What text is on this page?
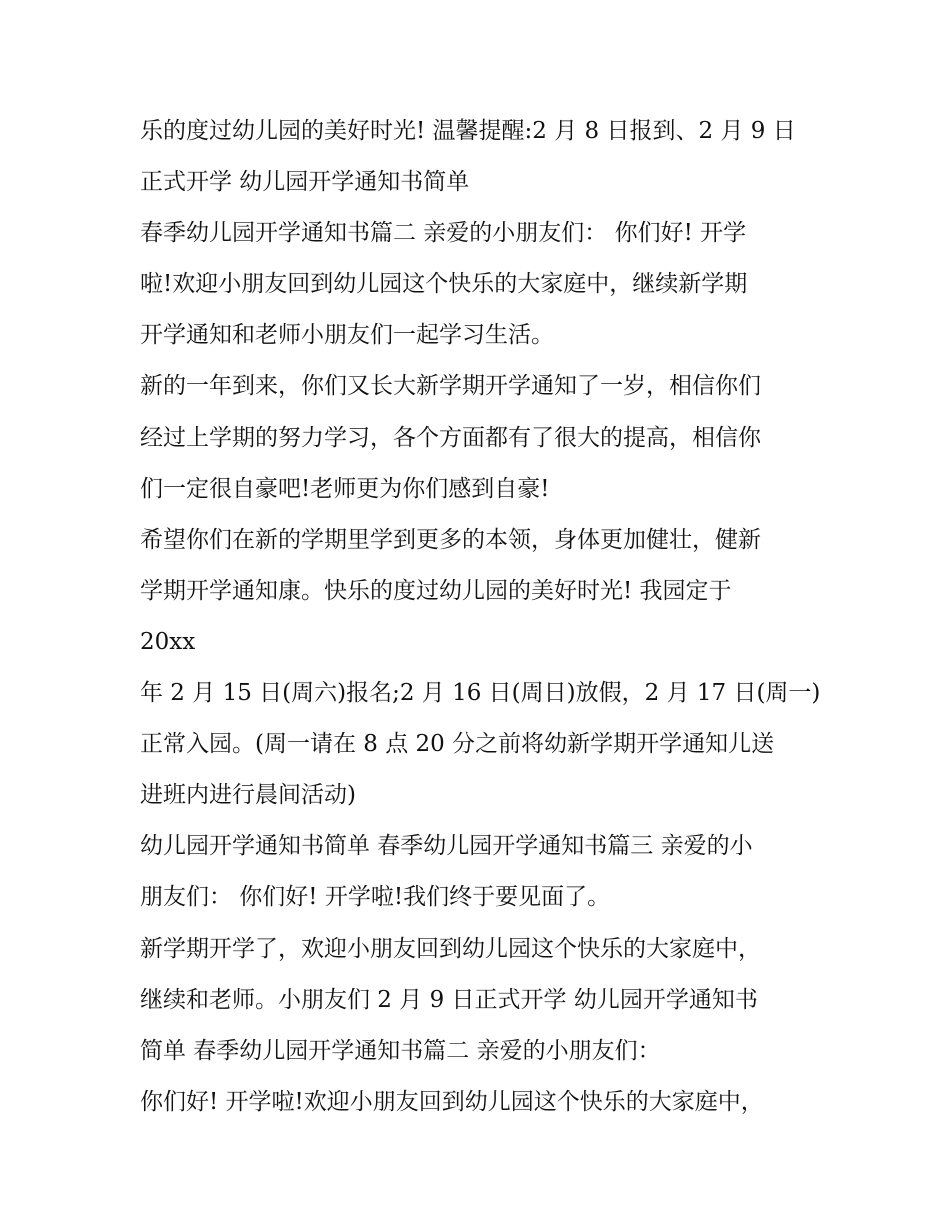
乐的度过幼儿园的美好时光! 温馨提醒:2 月 8 日报到、2 月 9 日
正式开学 幼儿园开学通知书简单
春季幼儿园开学通知书篇二 亲爱的小朋友们： 你们好! 开学
啦!欢迎小朋友回到幼儿园这个快乐的大家庭中，继续新学期
开学通知和老师小朋友们一起学习生活。
新的一年到来，你们又长大新学期开学通知了一岁，相信你们
经过上学期的努力学习，各个方面都有了很大的提高，相信你
们一定很自豪吧!老师更为你们感到自豪!
希望你们在新的学期里学到更多的本领，身体更加健壮，健新
学期开学通知康。快乐的度过幼儿园的美好时光! 我园定于
20xx
年 2 月 15 日(周六)报名;2 月 16 日(周日)放假，2 月 17 日(周一)
正常入园。(周一请在 8 点 20 分之前将幼新学期开学通知儿送
进班内进行晨间活动)
幼儿园开学通知书简单 春季幼儿园开学通知书篇三 亲爱的小
朋友们： 你们好! 开学啦!我们终于要见面了。
新学期开学了，欢迎小朋友回到幼儿园这个快乐的大家庭中，
继续和老师。小朋友们 2 月 9 日正式开学 幼儿园开学通知书
简单 春季幼儿园开学通知书篇二 亲爱的小朋友们：
你们好! 开学啦!欢迎小朋友回到幼儿园这个快乐的大家庭中，
